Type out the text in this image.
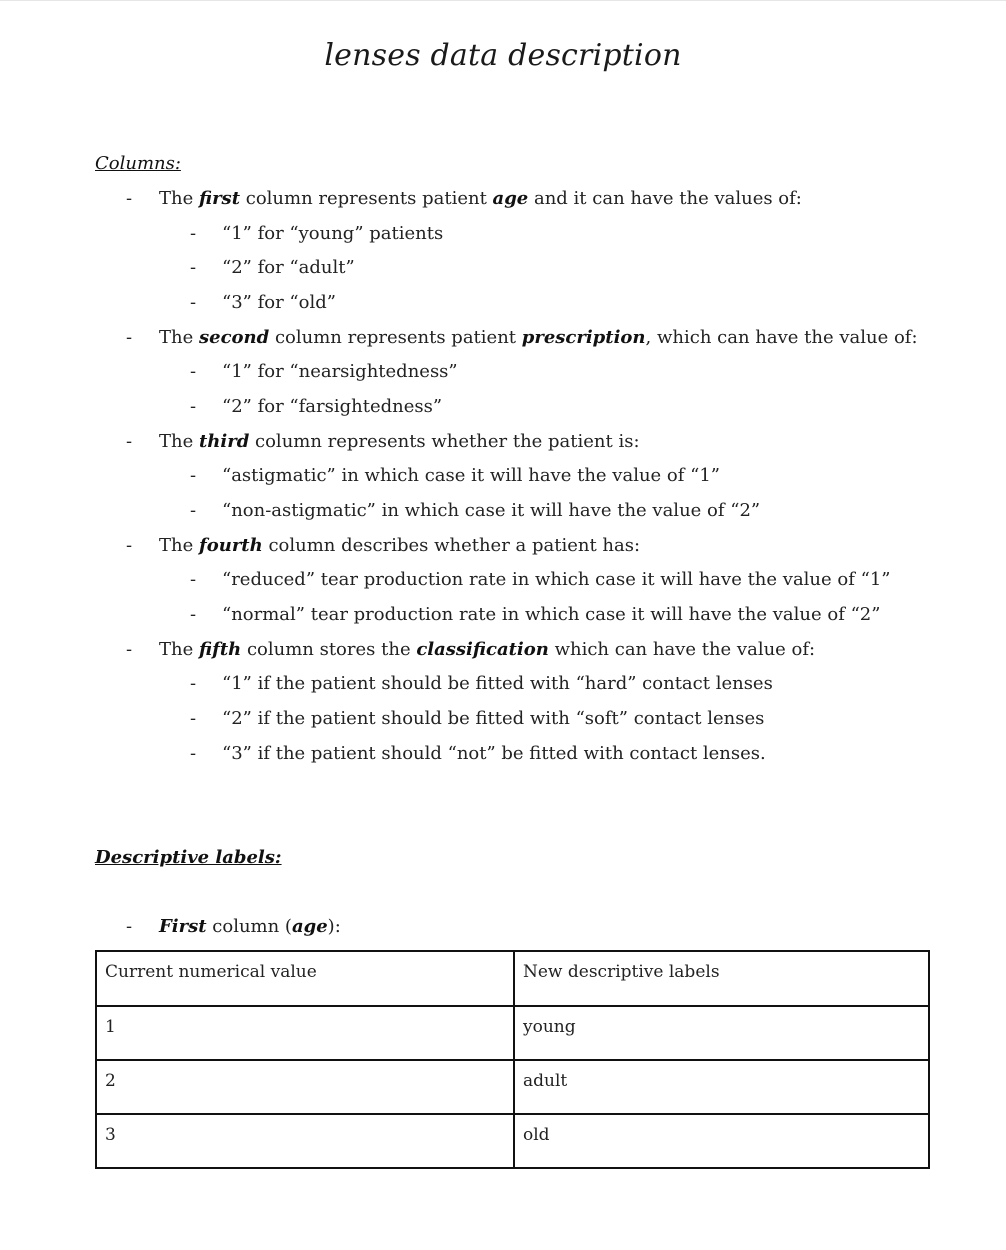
lenses data description
Columns:
- The first column represents patient age and it can have the values of:
- “1” for “young” patients
- “2” for “adult”
- “3” for “old”
- The second column represents patient prescription, which can have the value of:
- “1” for “nearsightedness”
- “2” for “farsightedness”
- The third column represents whether the patient is:
- “astigmatic” in which case it will have the value of “1”
- “non-astigmatic” in which case it will have the value of “2”
- The fourth column describes whether a patient has:
- “reduced” tear production rate in which case it will have the value of “1”
- “normal” tear production rate in which case it will have the value of “2”
- The fifth column stores the classification which can have the value of:
- “1” if the patient should be fitted with “hard” contact lenses
- “2” if the patient should be fitted with “soft” contact lenses
- “3” if the patient should “not” be fitted with contact lenses.
Descriptive labels:
- First column (age):
Current numerical value	New descriptive labels
1	young
2	adult
3	old
